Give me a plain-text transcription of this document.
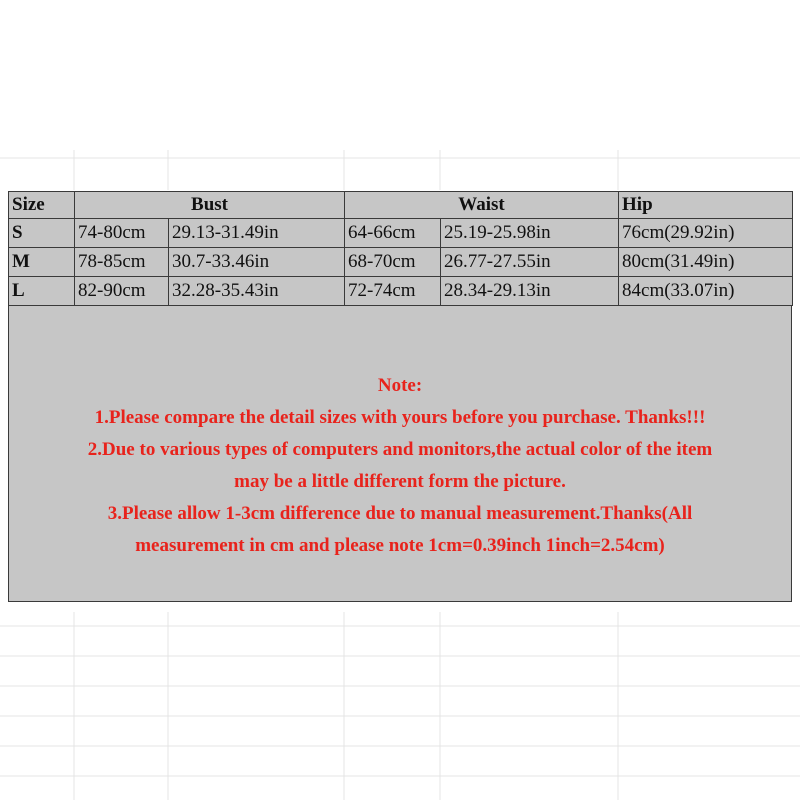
Size	Bust		Waist		Hip
S	74-80cm	29.13-31.49in	64-66cm	25.19-25.98in	76cm(29.92in)
M	78-85cm	30.7-33.46in	68-70cm	26.77-27.55in	80cm(31.49in)
L	82-90cm	32.28-35.43in	72-74cm	28.34-29.13in	84cm(33.07in)
Note:
1.Please compare the detail sizes with yours before you purchase. Thanks!!!
2.Due to various types of computers and monitors,the actual color of the item
may be a little different form the picture.
3.Please allow 1-3cm difference due to manual measurement.Thanks(All
measurement in cm and please note 1cm=0.39inch 1inch=2.54cm)
